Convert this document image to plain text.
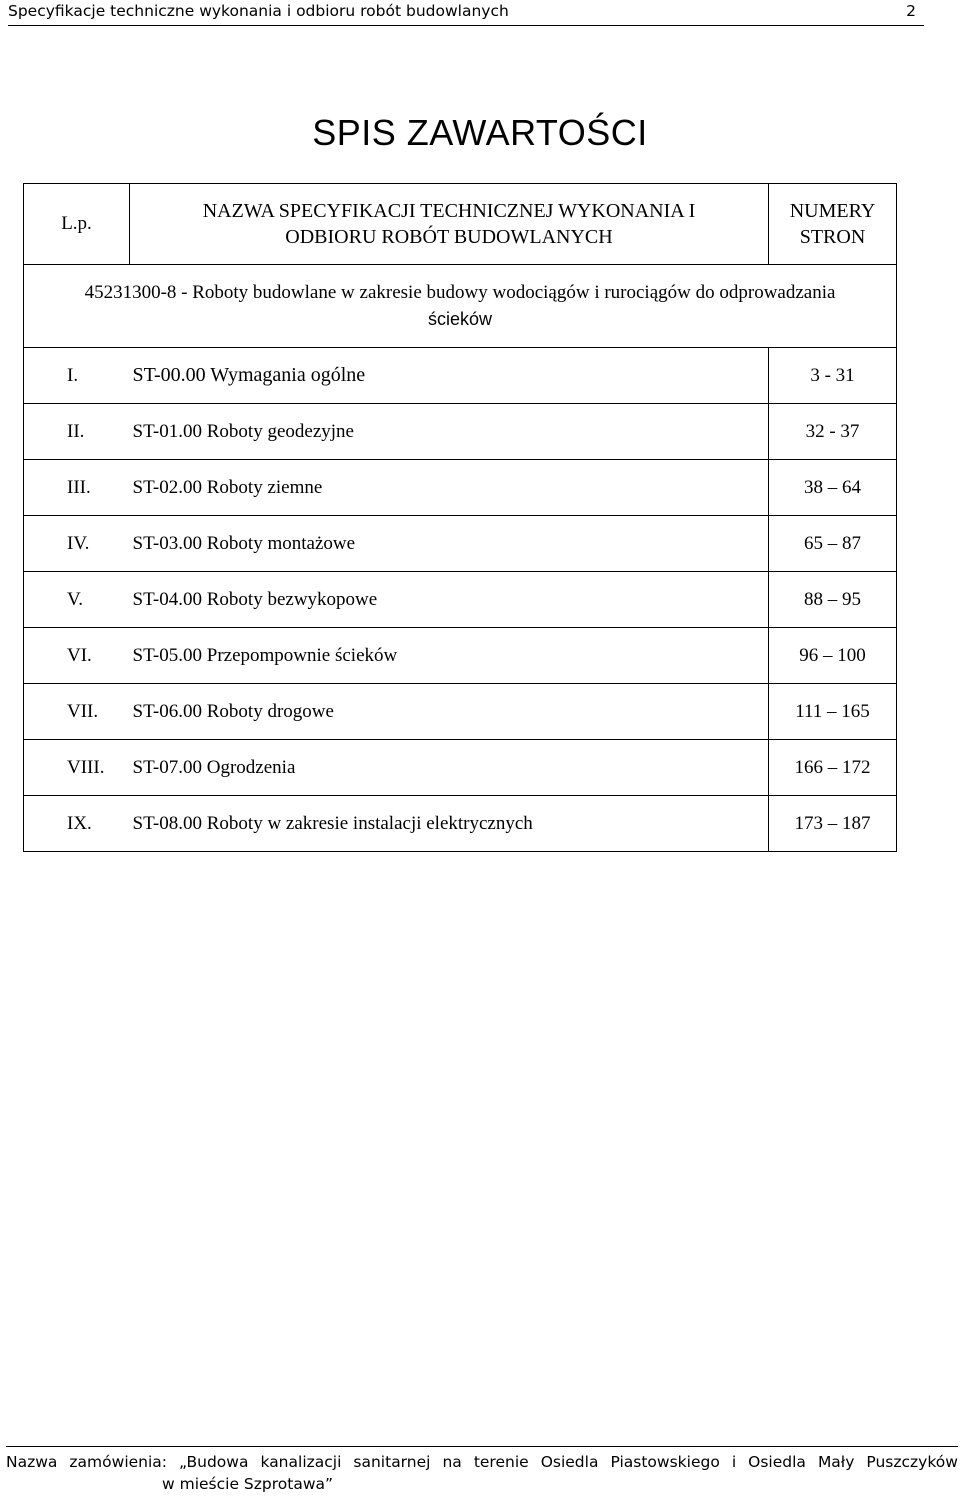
Specyfikacje techniczne wykonania i odbioru robót budowlanych	2
SPIS ZAWARTOŚCI
L.p.	NAZWA SPECYFIKACJI TECHNICZNEJ WYKONANIA I
ODBIORU ROBÓT BUDOWLANYCH	NUMERY
STRON
45231300-8 - Roboty budowlane w zakresie budowy wodociągów i rurociągów do odprowadzania
ścieków		

I.	ST-00.00 Wymagania ogólne	3 - 31
II.	ST-01.00 Roboty geodezyjne	32 - 37
III.	ST-02.00 Roboty ziemne	38 – 64
IV.	ST-03.00 Roboty montażowe	65 – 87
V.	ST-04.00 Roboty bezwykopowe	88 – 95
VI.	ST-05.00 Przepompownie ścieków	96 – 100
VII.	ST-06.00 Roboty drogowe	111 – 165
VIII.	ST-07.00 Ogrodzenia	166 – 172
IX.	ST-08.00 Roboty w zakresie instalacji elektrycznych	173 – 187
Nazwa zamówienia: „Budowa kanalizacji sanitarnej na terenie Osiedla Piastowskiego i Osiedla Mały Puszczyków
w mieście Szprotawa”
